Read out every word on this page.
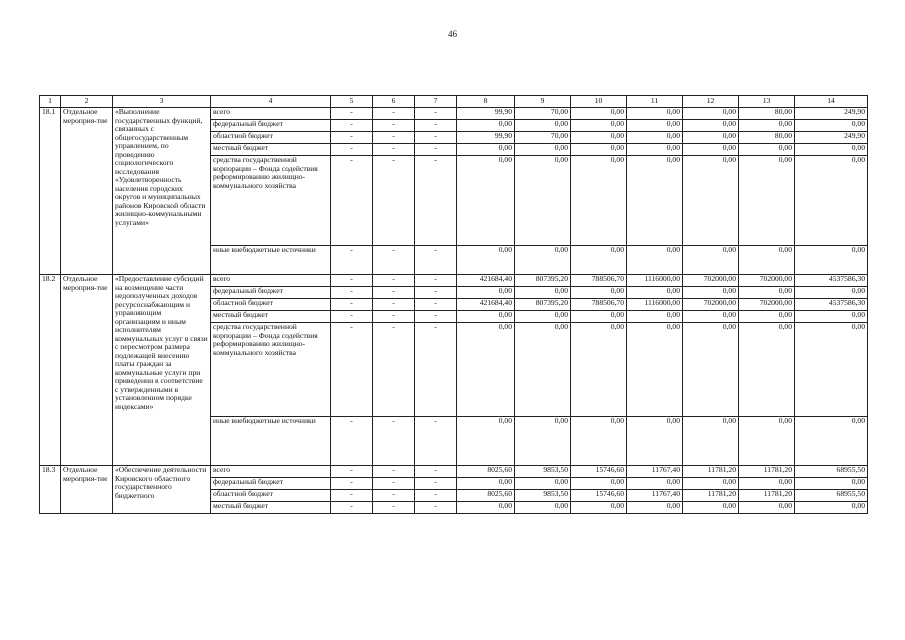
46
1	2	3	4	5	6	7	8	9	10	11	12	13	14
18.1	Отдельное мероприя-тие	«Выполнение государственных функций, связанных с общегосударственным управлением, по проведению социологического исследования «Удовлетворенность населения городских округов и муниципальных районов Кировской области жилищно-коммунальными услугами»	всего	-	-	-	99,90	70,00	0,00	0,00	0,00	80,00	249,90
			федеральный бюджет	-	-	-	0,00	0,00	0,00	0,00	0,00	0,00	0,00
			областной бюджет	-	-	-	99,90	70,00	0,00	0,00	0,00	80,00	249,90
			местный бюджет	-	-	-	0,00	0,00	0,00	0,00	0,00	0,00	0,00
			средства государственной корпорации – Фонда содействия реформированию жилищно-коммунального хозяйства	-	-	-	0,00	0,00	0,00	0,00	0,00	0,00	0,00
			иные внебюджетные источники	-	-	-	0,00	0,00	0,00	0,00	0,00	0,00	0,00
18.2	Отдельное мероприя-тие	«Предоставление субсидий на возмещение части недополученных доходов ресурсоснабжающим и управляющим организациям и иным исполнителям коммунальных услуг в связи с пересмотром размера подлежащей внесению платы граждан за коммунальные услуги при приведении в соответствие с утвержденными в установленном порядке индексами»	всего	-	-	-	421684,40	807395,20	788506,70	1116000,00	702000,00	702000,00	4537586,30
			федеральный бюджет	-	-	-	0,00	0,00	0,00	0,00	0,00	0,00	0,00
			областной бюджет	-	-	-	421684,40	807395,20	788506,70	1116000,00	702000,00	702000,00	4537586,30
			местный бюджет	-	-	-	0,00	0,00	0,00	0,00	0,00	0,00	0,00
			средства государственной корпорации – Фонда содействия реформированию жилищно-коммунального хозяйства	-	-	-	0,00	0,00	0,00	0,00	0,00	0,00	0,00
			иные внебюджетные источники	-	-	-	0,00	0,00	0,00	0,00	0,00	0,00	0,00
18.3	Отдельное мероприя-тие	«Обеспечение деятельности Кировского областного государственного бюджетного	всего	-	-	-	8025,60	9853,50	15746,60	11767,40	11781,20	11781,20	68955,50
			федеральный бюджет	-	-	-	0,00	0,00	0,00	0,00	0,00	0,00	0,00
			областной бюджет	-	-	-	8025,60	9853,50	15746,60	11767,40	11781,20	11781,20	68955,50
			местный бюджет	-	-	-	0,00	0,00	0,00	0,00	0,00	0,00	0,00
